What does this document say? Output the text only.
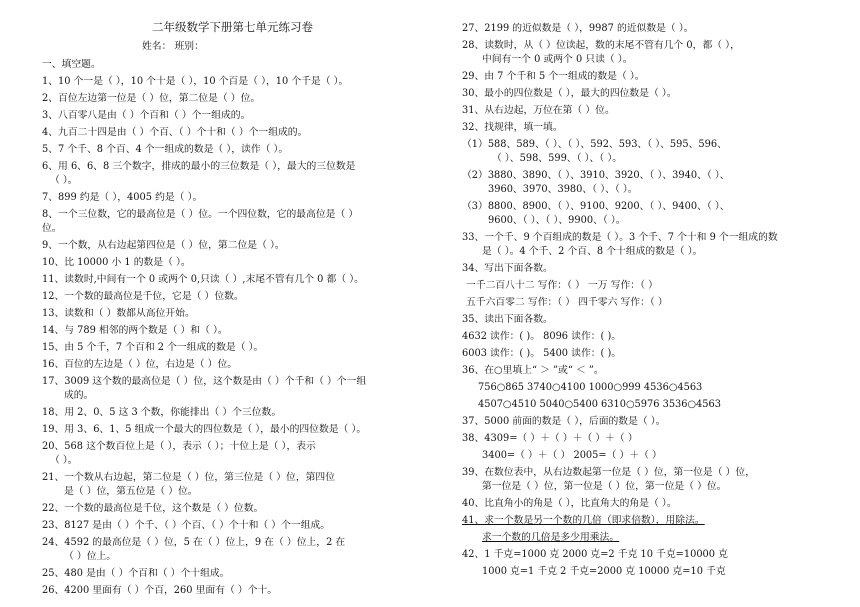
二年级数学下册第七单元练习卷
姓名： 班别：
一、填空题。
1、10 个一是（ ），10 个十是（ ），10 个百是（ ），10 个千是（ ）。
2、百位左边第一位是（ ）位，第二位是（ ）位。
3、八百零八是由（ ）个百和（ ）个一组成的。
4、九百二十四是由（ ）个百、（ ）个十和（ ）个一组成的。
5、7 个千、8 个百、4 个一组成的数是（ ），读作（ ）。
6、用 6、6、8 三个数字，排成的最小的三位数是（ ），最大的三位数是
（ ）。
7、899 约是（ ），4005 约是（ ）。
8、一个三位数，它的最高位是（ ）位。一个四位数，它的最高位是（ ）
位。
9、一个数，从右边起第四位是（ ）位，第二位是（ ）。
10、比 10000 小 1 的数是（ ）。
11、读数时,中间有一个 0 或两个 0,只读（ ）,末尾不管有几个 0 都（ ）。
12、一个数的最高位是千位，它是（ ）位数。
13、读数和（ ）数都从高位开始。
14、与 789 相邻的两个数是（ ）和（ ）。
15、由 5 个千，7 个百和 2 个一组成的数是（ ）。
16、百位的左边是（ ）位，右边是（ ）位。
17、3009 这个数的最高位是（ ）位，这个数是由（ ）个千和（ ）个一组
成的。
18、用 2、0、5 这 3 个数，你能排出（ ）个三位数。
19、用 3、6、1、5 组成一个最大的四位数是（ ），最小的四位数是（ ）。
20、568 这个数百位上是（ ），表示（ ）；十位上是（ ），表示
（ ）。
21、一个数从右边起，第二位是（ ）位，第三位是（ ）位，第四位
是（ ）位，第五位是（ ）位。
22、一个数的最高位是千位，这个数是（ ）位数。
23、8127 是由（ ）个千、（ ）个百、（ ）个十和（ ）个一组成。
24、4592 的最高位是（ ）位，5 在（ ）位上，9 在（ ）位上，2 在
（ ）位上。
25、480 是由（ ）个百和（ ）个十组成。
26、4200 里面有（ ）个百，260 里面有（ ）个十。
27、2199 的近似数是（ ），9987 的近似数是（ ）。
28、读数时，从（ ）位读起，数的末尾不管有几个 0，都（ ），
中间有一个 0 或两个 0 只读（ ）。
29、由 7 个千和 5 个一组成的数是（ ）。
30、最小的四位数是（ ），最大的四位数是（ ）。
31、从右边起，万位在第（ ）位。
32、找规律，填一填。
（1）588、589、（ ）、（ ）、592、593、（ ）、595、596、
（ ）、598、599、（ ）、（ ）。
（2）3880、3890、（ ）、3910、3920、（ ）、3940、（ ）、
3960、3970、3980、（ ）、（ ）。
（3）8800、8900、（ ）、9100、9200、（ ）、9400、（ ）、
9600、（ ）、（ ）、9900、（ ）。
33、一个千、9 个百组成的数是（ ）。3 个千、7 个十和 9 个一组成的数
是（ ）。4 个千、2 个百、8 个十组成的数是（ ）。
34、写出下面各数。
一千二百八十二 写作：（ ） 一万 写作：（ ）
五千六百零二 写作：（ ） 四千零六 写作：（ ）
35、读出下面各数。
4632 读作：( )。 8096 读作：( )。
6003 读作：( )。 5400 读作：( )。
36、在○里填上“ ＞ ”或“ ＜ ”。
756○865 3740○4100 1000○999 4536○4563
4507○4510 5040○5400 6310○5976 3536○4563
37、5000 前面的数是（ ），后面的数是（ ）。
38、4309=（ ）＋（ ）＋（ ）＋（ ）
3400=（ ）＋（ ） 2005=（ ）＋（ ）
39、在数位表中，从右边数起第一位是（ ）位，第一位是（ ）位，
第一位是（ ）位，第一位是（ ）位，第一位是（ ）位。
40、比直角小的角是（ ），比直角大的角是（ ）。
41、求一个数是另一个数的几倍（即求倍数），用除法。
求一个数的几倍是多少用乘法。
42、1 千克=1000 克 2000 克=2 千克 10 千克=10000 克
1000 克=1 千克 2 千克=2000 克 10000 克=10 千克
